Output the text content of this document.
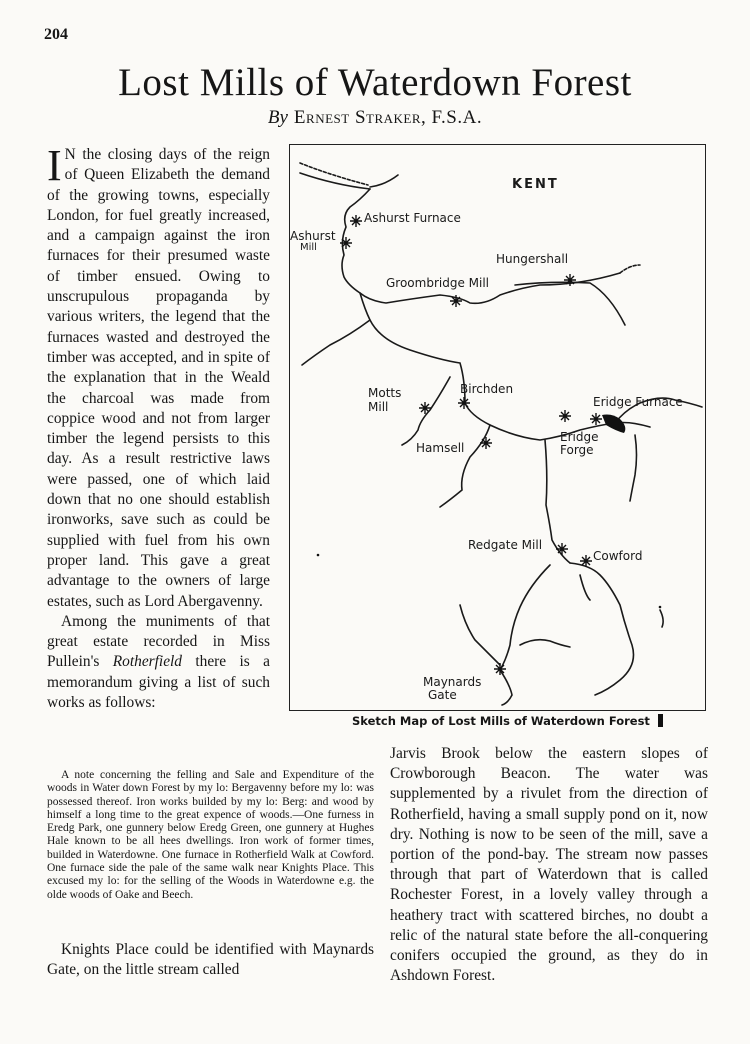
204
Lost Mills of Waterdown Forest
By Ernest Straker, F.S.A.

I N the closing days of the reign of Queen Elizabeth the demand of the growing towns, especially London, for fuel greatly increased, and a campaign against the iron furnaces for their presumed waste of timber ensued. Owing to unscrupulous propaganda by various writers, the legend that the furnaces wasted and destroyed the timber was accepted, and in spite of the explanation that in the Weald the charcoal was made from coppice wood and not from larger timber the legend persists to this day. As a result restrictive laws were passed, one of which laid down that no one should establish ironworks, save such as could be supplied with fuel from his own proper land. This gave a great advantage to the owners of large estates, such as Lord Abergavenny.

Among the muniments of that great estate recorded in Miss Pullein's Rotherfield there is a memorandum giving a list of such works as follows:

A note concerning the felling and Sale and Expenditure of the woods in Water down Forest by my lo: Bergavenny before my lo: was possessed thereof. Iron works builded by my lo: Berg: and wood by himself a long time to the great expence of woods.—One furness in Eredg Park, one gunnery below Eredg Green, one gunnery at Hughes Hale known to be all hees dwellings. Iron work of former times, builded in Waterdowne. One furnace in Rotherfield Walk at Cowford. One furnace side the pale of the same walk near Knights Place. This excused my lo: for the selling of the Woods in Waterdowne e.g. the olde woods of Oake and Beech.

Knights Place could be identified with Maynards Gate, on the little stream called
Jarvis Brook below the eastern slopes of Crowborough Beacon. The water was supplemented by a rivulet from the direction of Rotherfield, having a small supply pond on it, now dry. Nothing is now to be seen of the mill, save a portion of the pond-bay. The stream now passes through that part of Waterdown that is called Rochester Forest, in a lovely valley through a heathery tract with scattered birches, no doubt a relic of the natural state before the all-conquering conifers occupied the ground, as they do in Ashdown Forest.
KENT
Ashurst Furnace
Ashurst
Mill
Hungershall
Groombridge Mill
Motts
Mill
Birchden
Eridge Furnace
Eridge
Forge
Hamsell
Redgate Mill
Cowford
Maynards
Gate
Sketch Map of Lost Mills of Waterdown Forest
